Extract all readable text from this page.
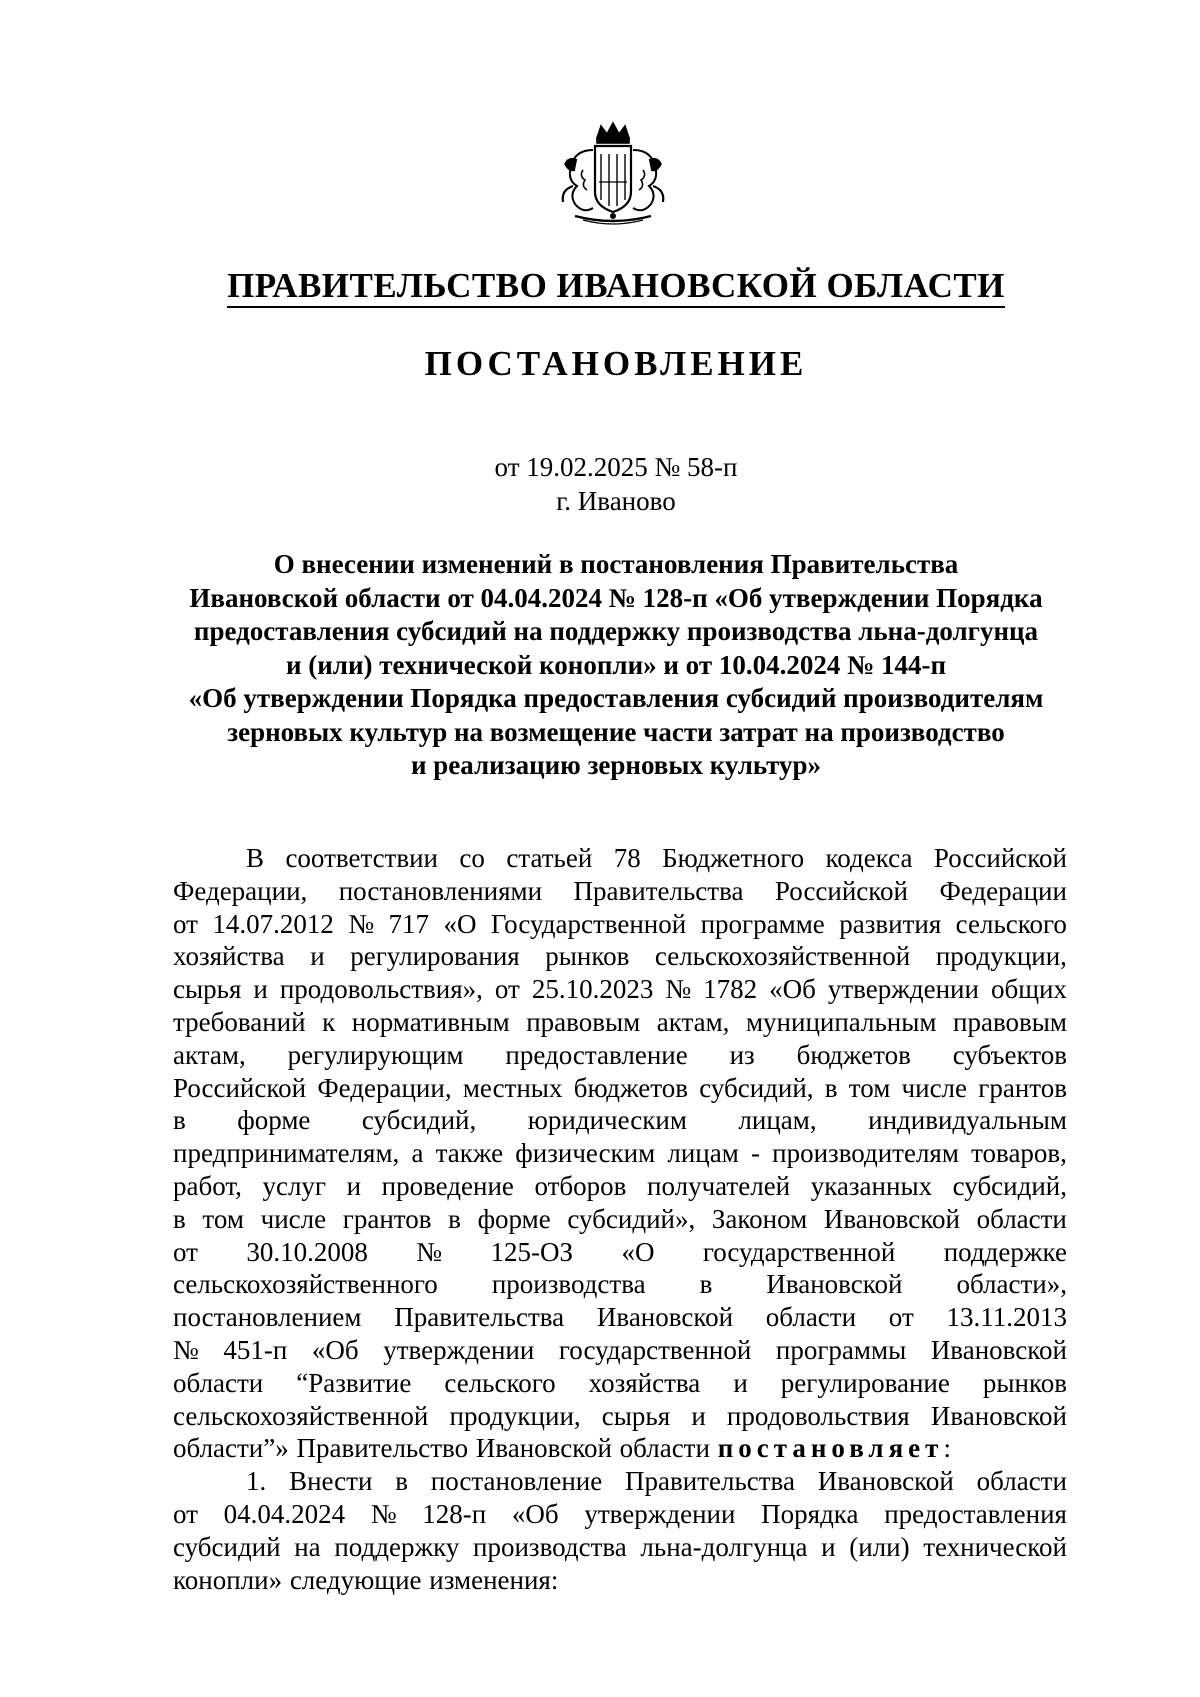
ПРАВИТЕЛЬСТВО ИВАНОВСКОЙ ОБЛАСТИ
ПОСТАНОВЛЕНИЕ
от 19.02.2025 № 58-п
г. Иваново
О внесении изменений в постановления Правительства
Ивановской области от 04.04.2024 № 128-п «Об утверждении Порядка
предоставления субсидий на поддержку производства льна-долгунца
и (или) технической конопли» и от 10.04.2024 № 144-п
«Об утверждении Порядка предоставления субсидий производителям
зерновых культур на возмещение части затрат на производство
и реализацию зерновых культур»
В соответствии со статьей 78 Бюджетного кодекса Российской
Федерации, постановлениями Правительства Российской Федерации
от 14.07.2012 № 717 «О Государственной программе развития сельского
хозяйства и регулирования рынков сельскохозяйственной продукции,
сырья и продовольствия», от 25.10.2023 № 1782 «Об утверждении общих
требований к нормативным правовым актам, муниципальным правовым
актам, регулирующим предоставление из бюджетов субъектов
Российской Федерации, местных бюджетов субсидий, в том числе грантов
в форме субсидий, юридическим лицам, индивидуальным
предпринимателям, а также физическим лицам - производителям товаров,
работ, услуг и проведение отборов получателей указанных субсидий,
в том числе грантов в форме субсидий», Законом Ивановской области
от 30.10.2008 № 125-ОЗ «О государственной поддержке
сельскохозяйственного производства в Ивановской области»,
постановлением Правительства Ивановской области от 13.11.2013
№ 451-п «Об утверждении государственной программы Ивановской
области “Развитие сельского хозяйства и регулирование рынков
сельскохозяйственной продукции, сырья и продовольствия Ивановской
области”» Правительство Ивановской области
постановляет :
1. Внести в постановление Правительства Ивановской области
от 04.04.2024 № 128-п «Об утверждении Порядка предоставления
субсидий на поддержку производства льна-долгунца и (или) технической
конопли» следующие изменения:
